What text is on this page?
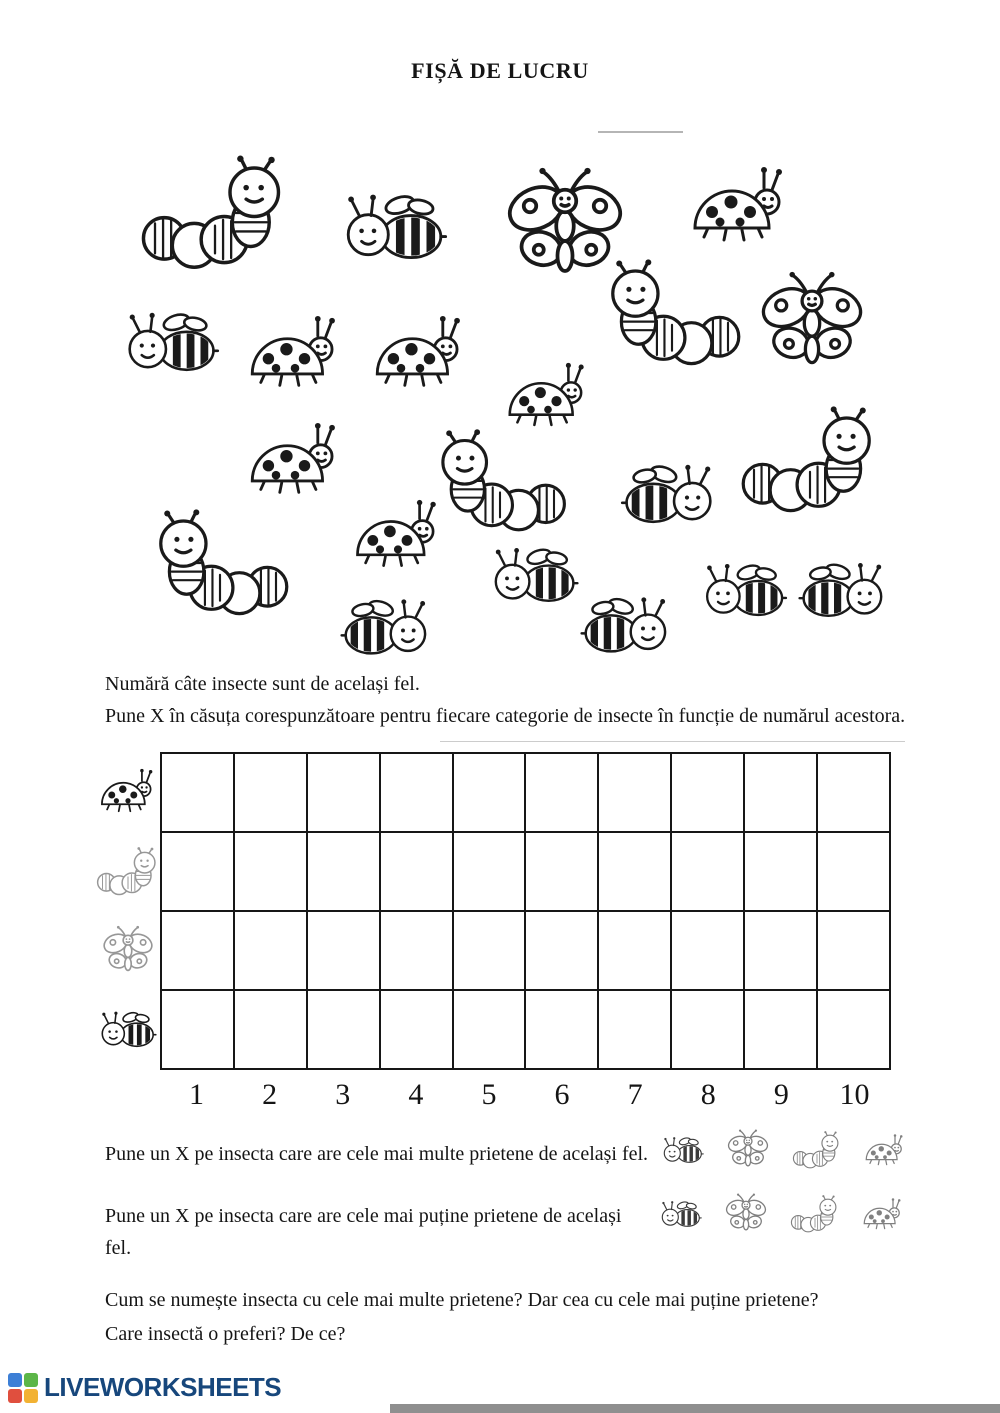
FIȘĂ DE LUCRU

Numără câte insecte sunt de același fel.

Pune X în căsuța corespunzătoare pentru fiecare categorie de insecte în funcție de numărul acestora.

1	2	3	4	5	6	7	8	9	10

Pune un X pe insecta care are cele mai multe prietene de același fel.

Pune un X pe insecta care are cele mai puține prietene de același

fel.

Cum se numește insecta cu cele mai multe prietene? Dar cea cu cele mai puține prietene?

Care insectă o preferi? De ce?

LIVEWORKSHEETS
